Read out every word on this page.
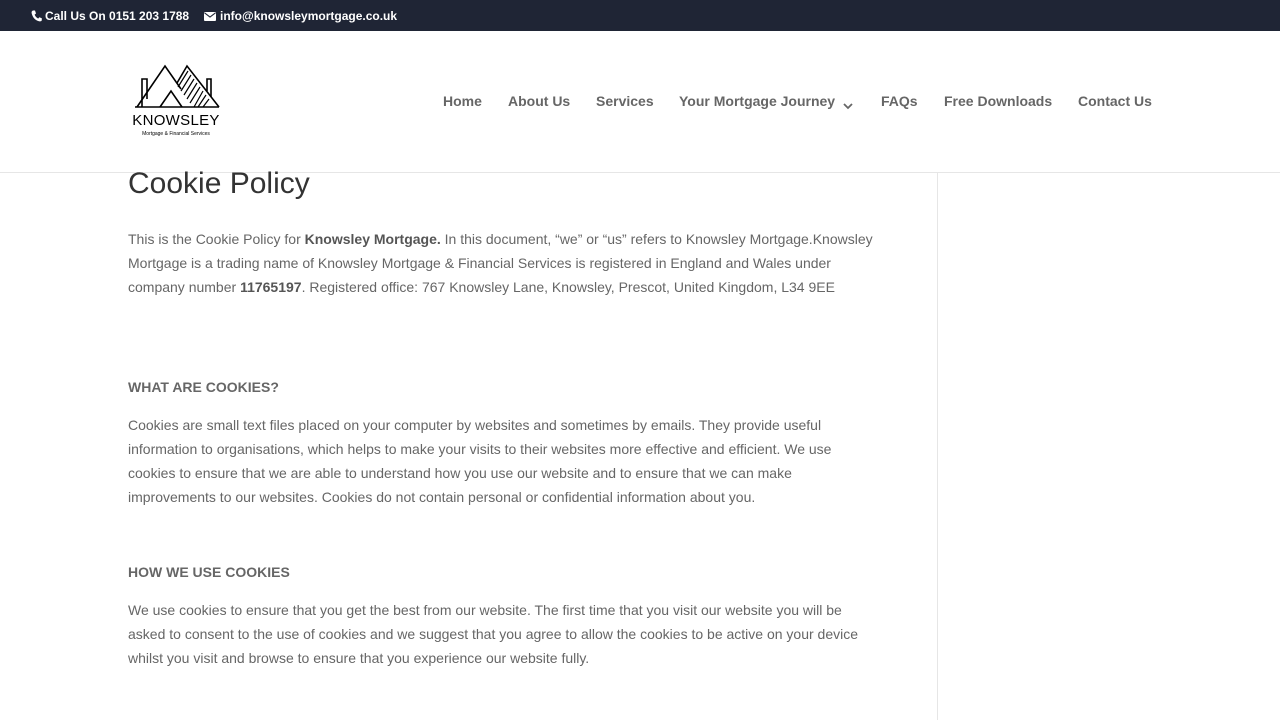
Call Us On 0151 203 1788	info@knowsleymortgage.co.uk
KNOWSLEY
Mortgage & Financial Services
Home About Us Services Your Mortgage Journey	FAQs Free Downloads Contact Us
Cookie Policy

This is the Cookie Policy for Knowsley Mortgage. In this document, “we” or “us” refers to Knowsley Mortgage.Knowsley Mortgage is a trading name of Knowsley Mortgage & Financial Services is registered in England and Wales under company number 11765197. Registered office: 767 Knowsley Lane, Knowsley, Prescot, United Kingdom, L34 9EE

WHAT ARE COOKIES?

Cookies are small text files placed on your computer by websites and sometimes by emails. They provide useful information to organisations, which helps to make your visits to their websites more effective and efficient. We use cookies to ensure that we are able to understand how you use our website and to ensure that we can make improvements to our websites. Cookies do not contain personal or confidential information about you.

HOW WE USE COOKIES

We use cookies to ensure that you get the best from our website. The first time that you visit our website you will be asked to consent to the use of cookies and we suggest that you agree to allow the cookies to be active on your device whilst you visit and browse to ensure that you experience our website fully.
